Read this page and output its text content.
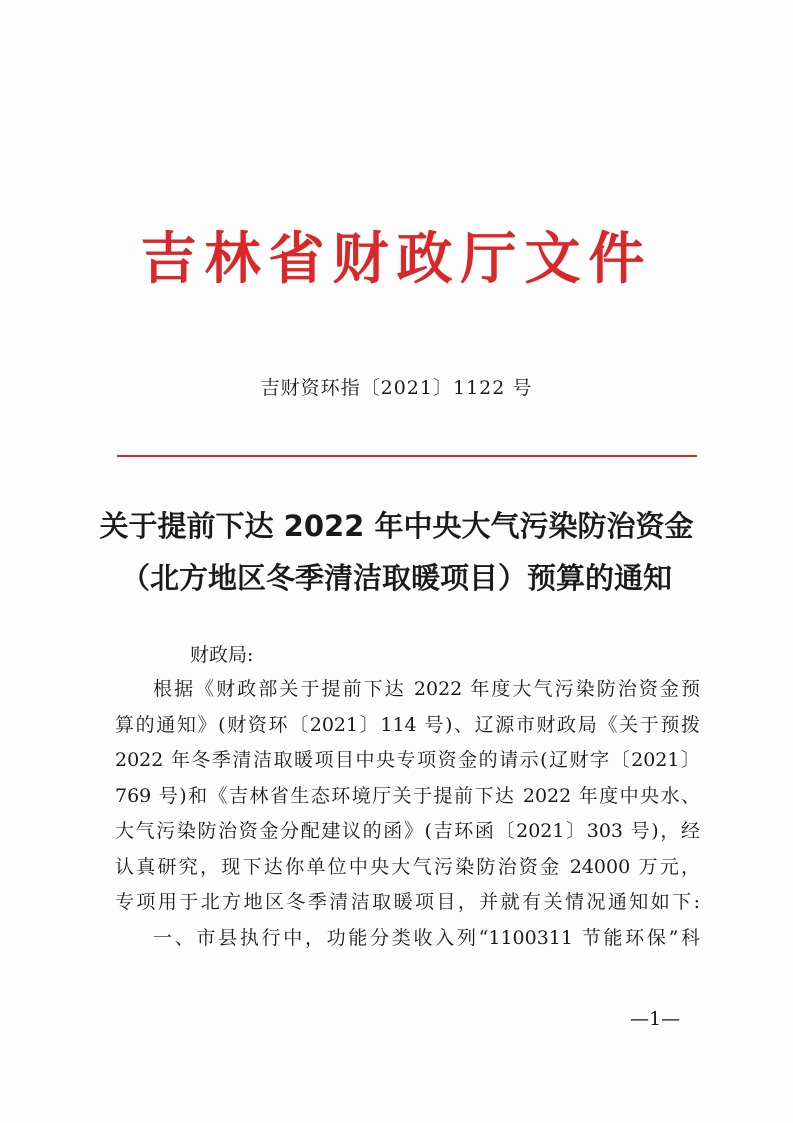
吉林省财政厅文件
吉财资环指〔2021〕1122 号
关于提前下达 2022 年中央大气污染防治资金
（北方地区冬季清洁取暖项目）预算的通知
财政局:
根据《财政部关于提前下达 2022 年度大气污染防治资金预
算的通知》(财资环〔2021〕114 号)、辽源市财政局《关于预拨
2022 年冬季清洁取暖项目中央专项资金的请示(辽财字〔2021〕
769 号)和《吉林省生态环境厅关于提前下达 2022 年度中央水、
大气污染防治资金分配建议的函》(吉环函〔2021〕303 号)，经
认真研究，现下达你单位中央大气污染防治资金 24000 万元，
专项用于北方地区冬季清洁取暖项目，并就有关情况通知如下:
一、市县执行中，功能分类收入列“1100311 节能环保”科
—1—
